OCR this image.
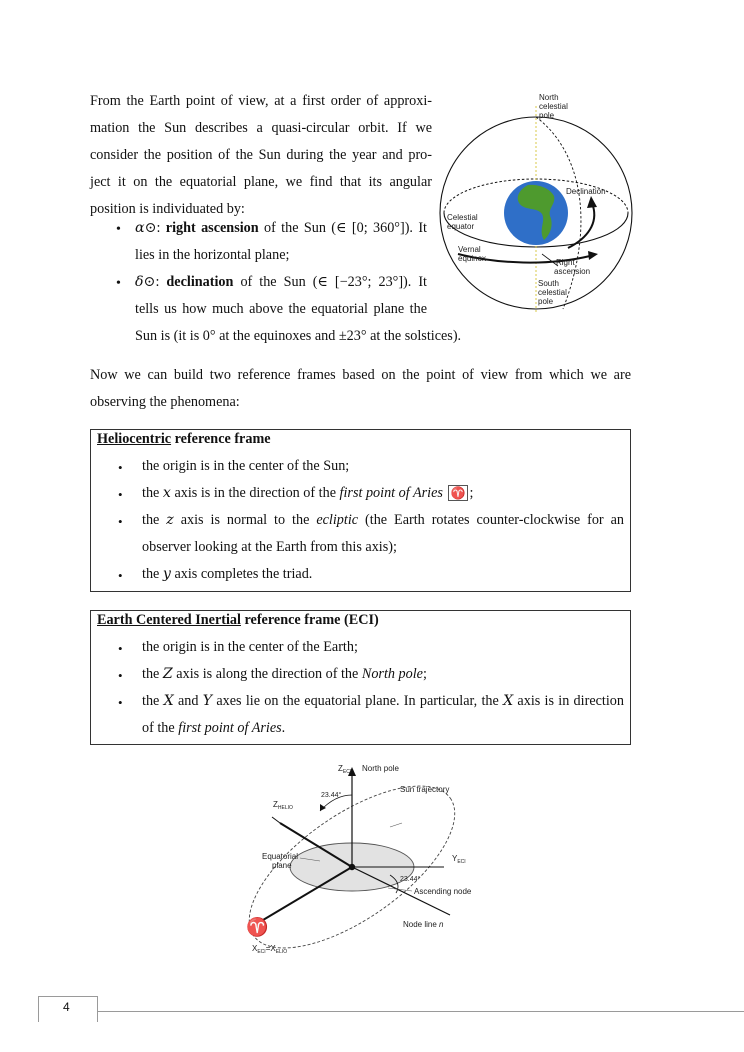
From the Earth point of view, at a first order of approxi-
mation the Sun describes a quasi-circular orbit. If we
consider the position of the Sun during the year and pro-
ject it on the equatorial plane, we find that its angular
position is individuated by:
• α⊙: right ascension of the Sun (∈ [0; 360°]). It
lies in the horizontal plane;
• δ⊙: declination of the Sun (∈ [−23°; 23°]). It
tells us how much above the equatorial plane the
Sun is (it is 0° at the equinoxes and ±23° at the solstices).
North
celestial
pole
Declination
Celestial
equator
Vernal
equinox	Right
ascension
South
celestial
pole
Now we can build two reference frames based on the point of view from which we are
observing the phenomena:
Heliocentric reference frame
• the origin is in the center of the Sun;
• the x axis is in the direction of the first point of Aries ♈ ;
• the z axis is normal to the ecliptic (the Earth rotates counter-clockwise for an
observer looking at the Earth from this axis);
• the y axis completes the triad.
Earth Centered Inertial reference frame (ECI)
• the origin is in the center of the Earth;
• the Z axis is along the direction of the North pole;
• the X and Y axes lie on the equatorial plane. In particular, the X axis is in direction
of the first point of Aries.
$Z_{ECI}$ North pole
23.44°
$Z_{HELIO}$
Sun trajectory
Equatorial
plane
$Y_{ECI}$
23.44°
Ascending node
Node line n
♈
$X_{ECI}=X_{ELIO}$
4
